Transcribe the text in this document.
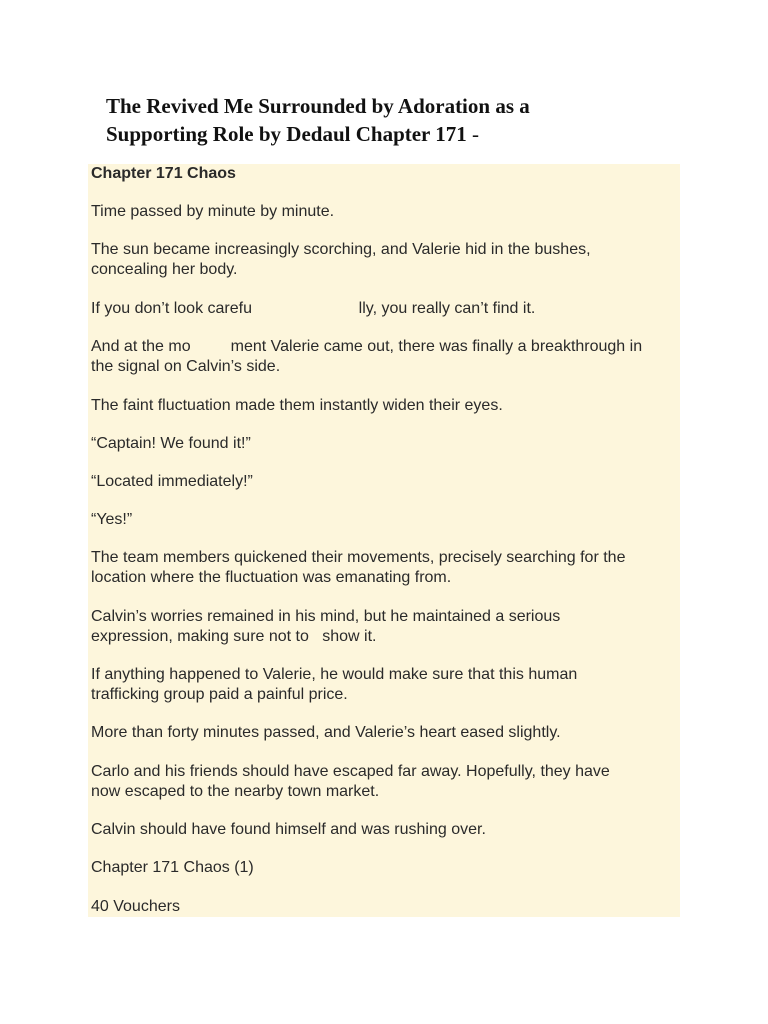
The Revived Me Surrounded by Adoration as a
Supporting Role by Dedaul Chapter 171 -

Chapter 171 Chaos

Time passed by minute by minute.

The sun became increasingly scorching, and Valerie hid in the bushes,
concealing her body.

If you don’t look carefu                        lly, you really can’t find it.

And at the mo         ment Valerie came out, there was finally a breakthrough in
the signal on Calvin’s side.

The faint fluctuation made them instantly widen their eyes.

“Captain! We found it!”

“Located immediately!”

“Yes!”

The team members quickened their movements, precisely searching for the
location where the fluctuation was emanating from.

Calvin’s worries remained in his mind, but he maintained a serious
expression, making sure not to   show it.

If anything happened to Valerie, he would make sure that this human
trafficking group paid a painful price.

More than forty minutes passed, and Valerie’s heart eased slightly.

Carlo and his friends should have escaped far away. Hopefully, they have
now escaped to the nearby town market.

Calvin should have found himself and was rushing over.

Chapter 171 Chaos (1)

40 Vouchers
